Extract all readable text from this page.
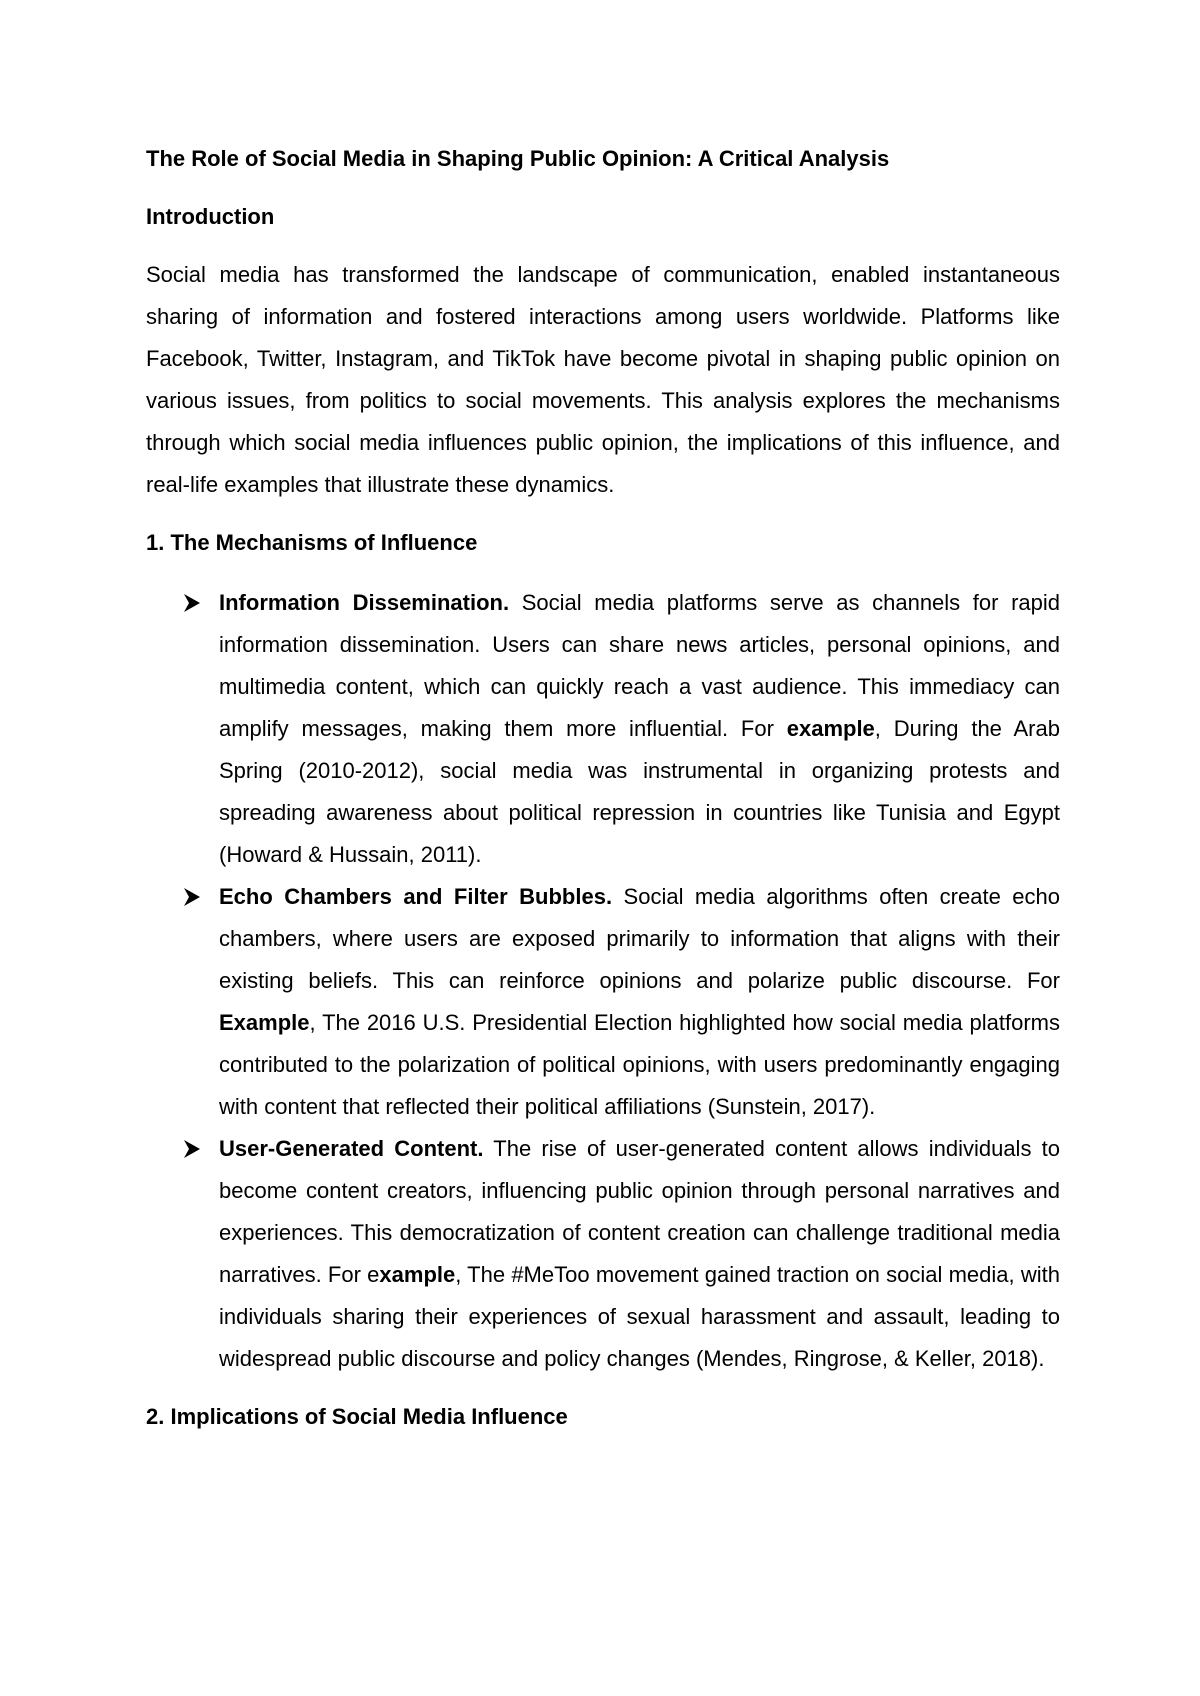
The Role of Social Media in Shaping Public Opinion: A Critical Analysis
Introduction

Social media has transformed the landscape of communication, enabled instantaneous sharing of information and fostered interactions among users worldwide. Platforms like Facebook, Twitter, Instagram, and TikTok have become pivotal in shaping public opinion on various issues, from politics to social movements. This analysis explores the mechanisms through which social media influences public opinion, the implications of this influence, and real-life examples that illustrate these dynamics.

1. The Mechanisms of Influence
Information Dissemination. Social media platforms serve as channels for rapid information dissemination. Users can share news articles, personal opinions, and multimedia content, which can quickly reach a vast audience. This immediacy can amplify messages, making them more influential. For example, During the Arab Spring (2010-2012), social media was instrumental in organizing protests and spreading awareness about political repression in countries like Tunisia and Egypt (Howard & Hussain, 2011).
Echo Chambers and Filter Bubbles. Social media algorithms often create echo chambers, where users are exposed primarily to information that aligns with their existing beliefs. This can reinforce opinions and polarize public discourse. For Example, The 2016 U.S. Presidential Election highlighted how social media platforms contributed to the polarization of political opinions, with users predominantly engaging with content that reflected their political affiliations (Sunstein, 2017).
User-Generated Content. The rise of user-generated content allows individuals to become content creators, influencing public opinion through personal narratives and experiences. This democratization of content creation can challenge traditional media narratives. For example, The #MeToo movement gained traction on social media, with individuals sharing their experiences of sexual harassment and assault, leading to widespread public discourse and policy changes (Mendes, Ringrose, & Keller, 2018).
2. Implications of Social Media Influence
